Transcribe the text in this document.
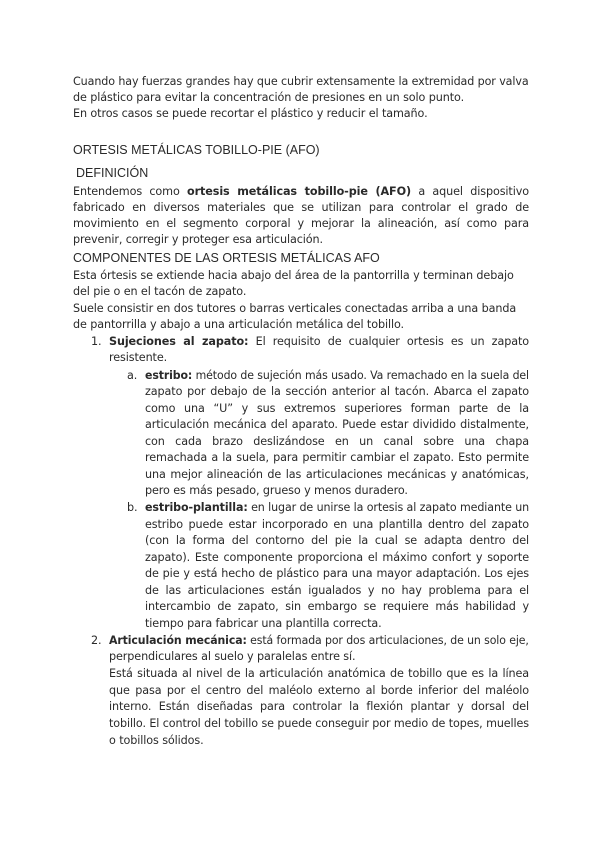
Cuando hay fuerzas grandes hay que cubrir extensamente la extremidad por valva
de plástico para evitar la concentración de presiones en un solo punto.
En otros casos se puede recortar el plástico y reducir el tamaño.
ORTESIS METÁLICAS TOBILLO-PIE (AFO)
DEFINICIÓN
Entendemos como ortesis metálicas tobillo-pie (AFO) a aquel dispositivo
fabricado en diversos materiales que se utilizan para controlar el grado de
movimiento en el segmento corporal y mejorar la alineación, así como para
prevenir, corregir y proteger esa articulación.
COMPONENTES DE LAS ORTESIS METÁLICAS AFO
Esta órtesis se extiende hacia abajo del área de la pantorrilla y terminan debajo
del pie o en el tacón de zapato.
Suele consistir en dos tutores o barras verticales conectadas arriba a una banda
de pantorrilla y abajo a una articulación metálica del tobillo.
1. Sujeciones al zapato: El requisito de cualquier ortesis es un zapato
resistente.
a. estribo: método de sujeción más usado. Va remachado en la suela del
zapato por debajo de la sección anterior al tacón. Abarca el zapato
como una “U” y sus extremos superiores forman parte de la
articulación mecánica del aparato. Puede estar dividido distalmente,
con cada brazo deslizándose en un canal sobre una chapa
remachada a la suela, para permitir cambiar el zapato. Esto permite
una mejor alineación de las articulaciones mecánicas y anatómicas,
pero es más pesado, grueso y menos duradero.
b. estribo-plantilla: en lugar de unirse la ortesis al zapato mediante un
estribo puede estar incorporado en una plantilla dentro del zapato
(con la forma del contorno del pie la cual se adapta dentro del
zapato). Este componente proporciona el máximo confort y soporte
de pie y está hecho de plástico para una mayor adaptación. Los ejes
de las articulaciones están igualados y no hay problema para el
intercambio de zapato, sin embargo se requiere más habilidad y
tiempo para fabricar una plantilla correcta.
2. Articulación mecánica: está formada por dos articulaciones, de un solo eje,
perpendiculares al suelo y paralelas entre sí.
Está situada al nivel de la articulación anatómica de tobillo que es la línea
que pasa por el centro del maléolo externo al borde inferior del maléolo
interno. Están diseñadas para controlar la flexión plantar y dorsal del
tobillo. El control del tobillo se puede conseguir por medio de topes, muelles
o tobillos sólidos.
